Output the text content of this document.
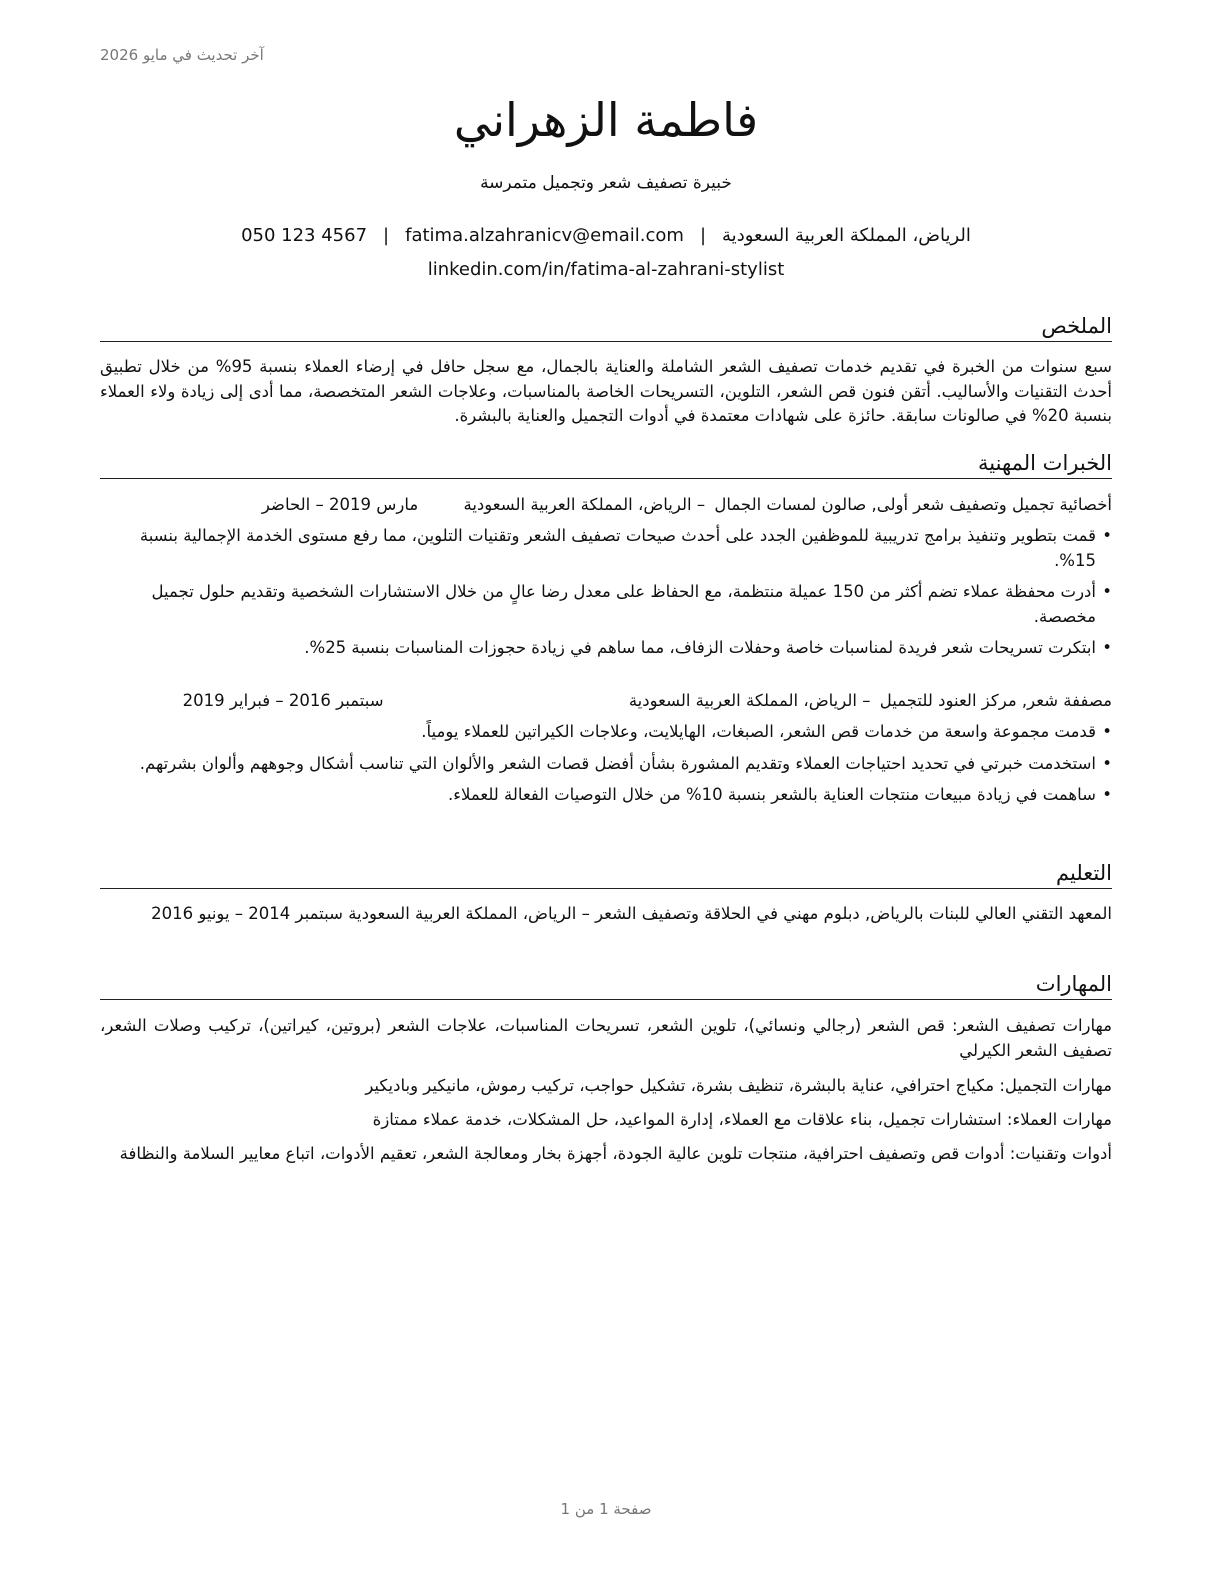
آخر تحديث في مايو 2026
فاطمة الزهراني
خبيرة تصفيف شعر وتجميل متمرسة
الرياض، المملكة العربية السعودية|fatima.alzahranicv@email.com|050 123 4567
linkedin.com/in/fatima-al-zahrani-stylist
الملخص
سبع سنوات من الخبرة في تقديم خدمات تصفيف الشعر الشاملة والعناية بالجمال، مع سجل حافل في إرضاء العملاء بنسبة 95% من خلال تطبيق أحدث التقنيات والأساليب. أتقن فنون قص الشعر، التلوين، التسريحات الخاصة بالمناسبات، وعلاجات الشعر المتخصصة، مما أدى إلى زيادة ولاء العملاء بنسبة 20% في صالونات سابقة. حائزة على شهادات معتمدة في أدوات التجميل والعناية بالبشرة.
الخبرات المهنية
أخصائية تجميل وتصفيف شعر أولى, صالون لمسات الجمال – الرياض، المملكة العربية السعودية مارس 2019 – الحاضر
•
قمت بتطوير وتنفيذ برامج تدريبية للموظفين الجدد على أحدث صيحات تصفيف الشعر وتقنيات التلوين، مما رفع مستوى الخدمة الإجمالية بنسبة 15%.
•
أدرت محفظة عملاء تضم أكثر من 150 عميلة منتظمة، مع الحفاظ على معدل رضا عالٍ من خلال الاستشارات الشخصية وتقديم حلول تجميل مخصصة.
•
ابتكرت تسريحات شعر فريدة لمناسبات خاصة وحفلات الزفاف، مما ساهم في زيادة حجوزات المناسبات بنسبة 25%.
مصففة شعر, مركز العنود للتجميل – الرياض، المملكة العربية السعودية سبتمبر 2016 – فبراير 2019
•
قدمت مجموعة واسعة من خدمات قص الشعر، الصبغات، الهايلايت، وعلاجات الكيراتين للعملاء يومياً.
•
استخدمت خبرتي في تحديد احتياجات العملاء وتقديم المشورة بشأن أفضل قصات الشعر والألوان التي تناسب أشكال وجوههم وألوان بشرتهم.
•
ساهمت في زيادة مبيعات منتجات العناية بالشعر بنسبة 10% من خلال التوصيات الفعالة للعملاء.
التعليم
المعهد التقني العالي للبنات بالرياض, دبلوم مهني في الحلاقة وتصفيف الشعر – الرياض، المملكة العربية السعودية سبتمبر 2014 – يونيو 2016
المهارات
مهارات تصفيف الشعر: قص الشعر (رجالي ونسائي)، تلوين الشعر، تسريحات المناسبات، علاجات الشعر (بروتين، كيراتين)، تركيب وصلات الشعر، تصفيف الشعر الكيرلي
مهارات التجميل: مكياج احترافي، عناية بالبشرة، تنظيف بشرة، تشكيل حواجب، تركيب رموش، مانيكير وباديكير
مهارات العملاء: استشارات تجميل، بناء علاقات مع العملاء، إدارة المواعيد، حل المشكلات، خدمة عملاء ممتازة
أدوات وتقنيات: أدوات قص وتصفيف احترافية، منتجات تلوين عالية الجودة، أجهزة بخار ومعالجة الشعر، تعقيم الأدوات، اتباع معايير السلامة والنظافة
صفحة 1 من 1
